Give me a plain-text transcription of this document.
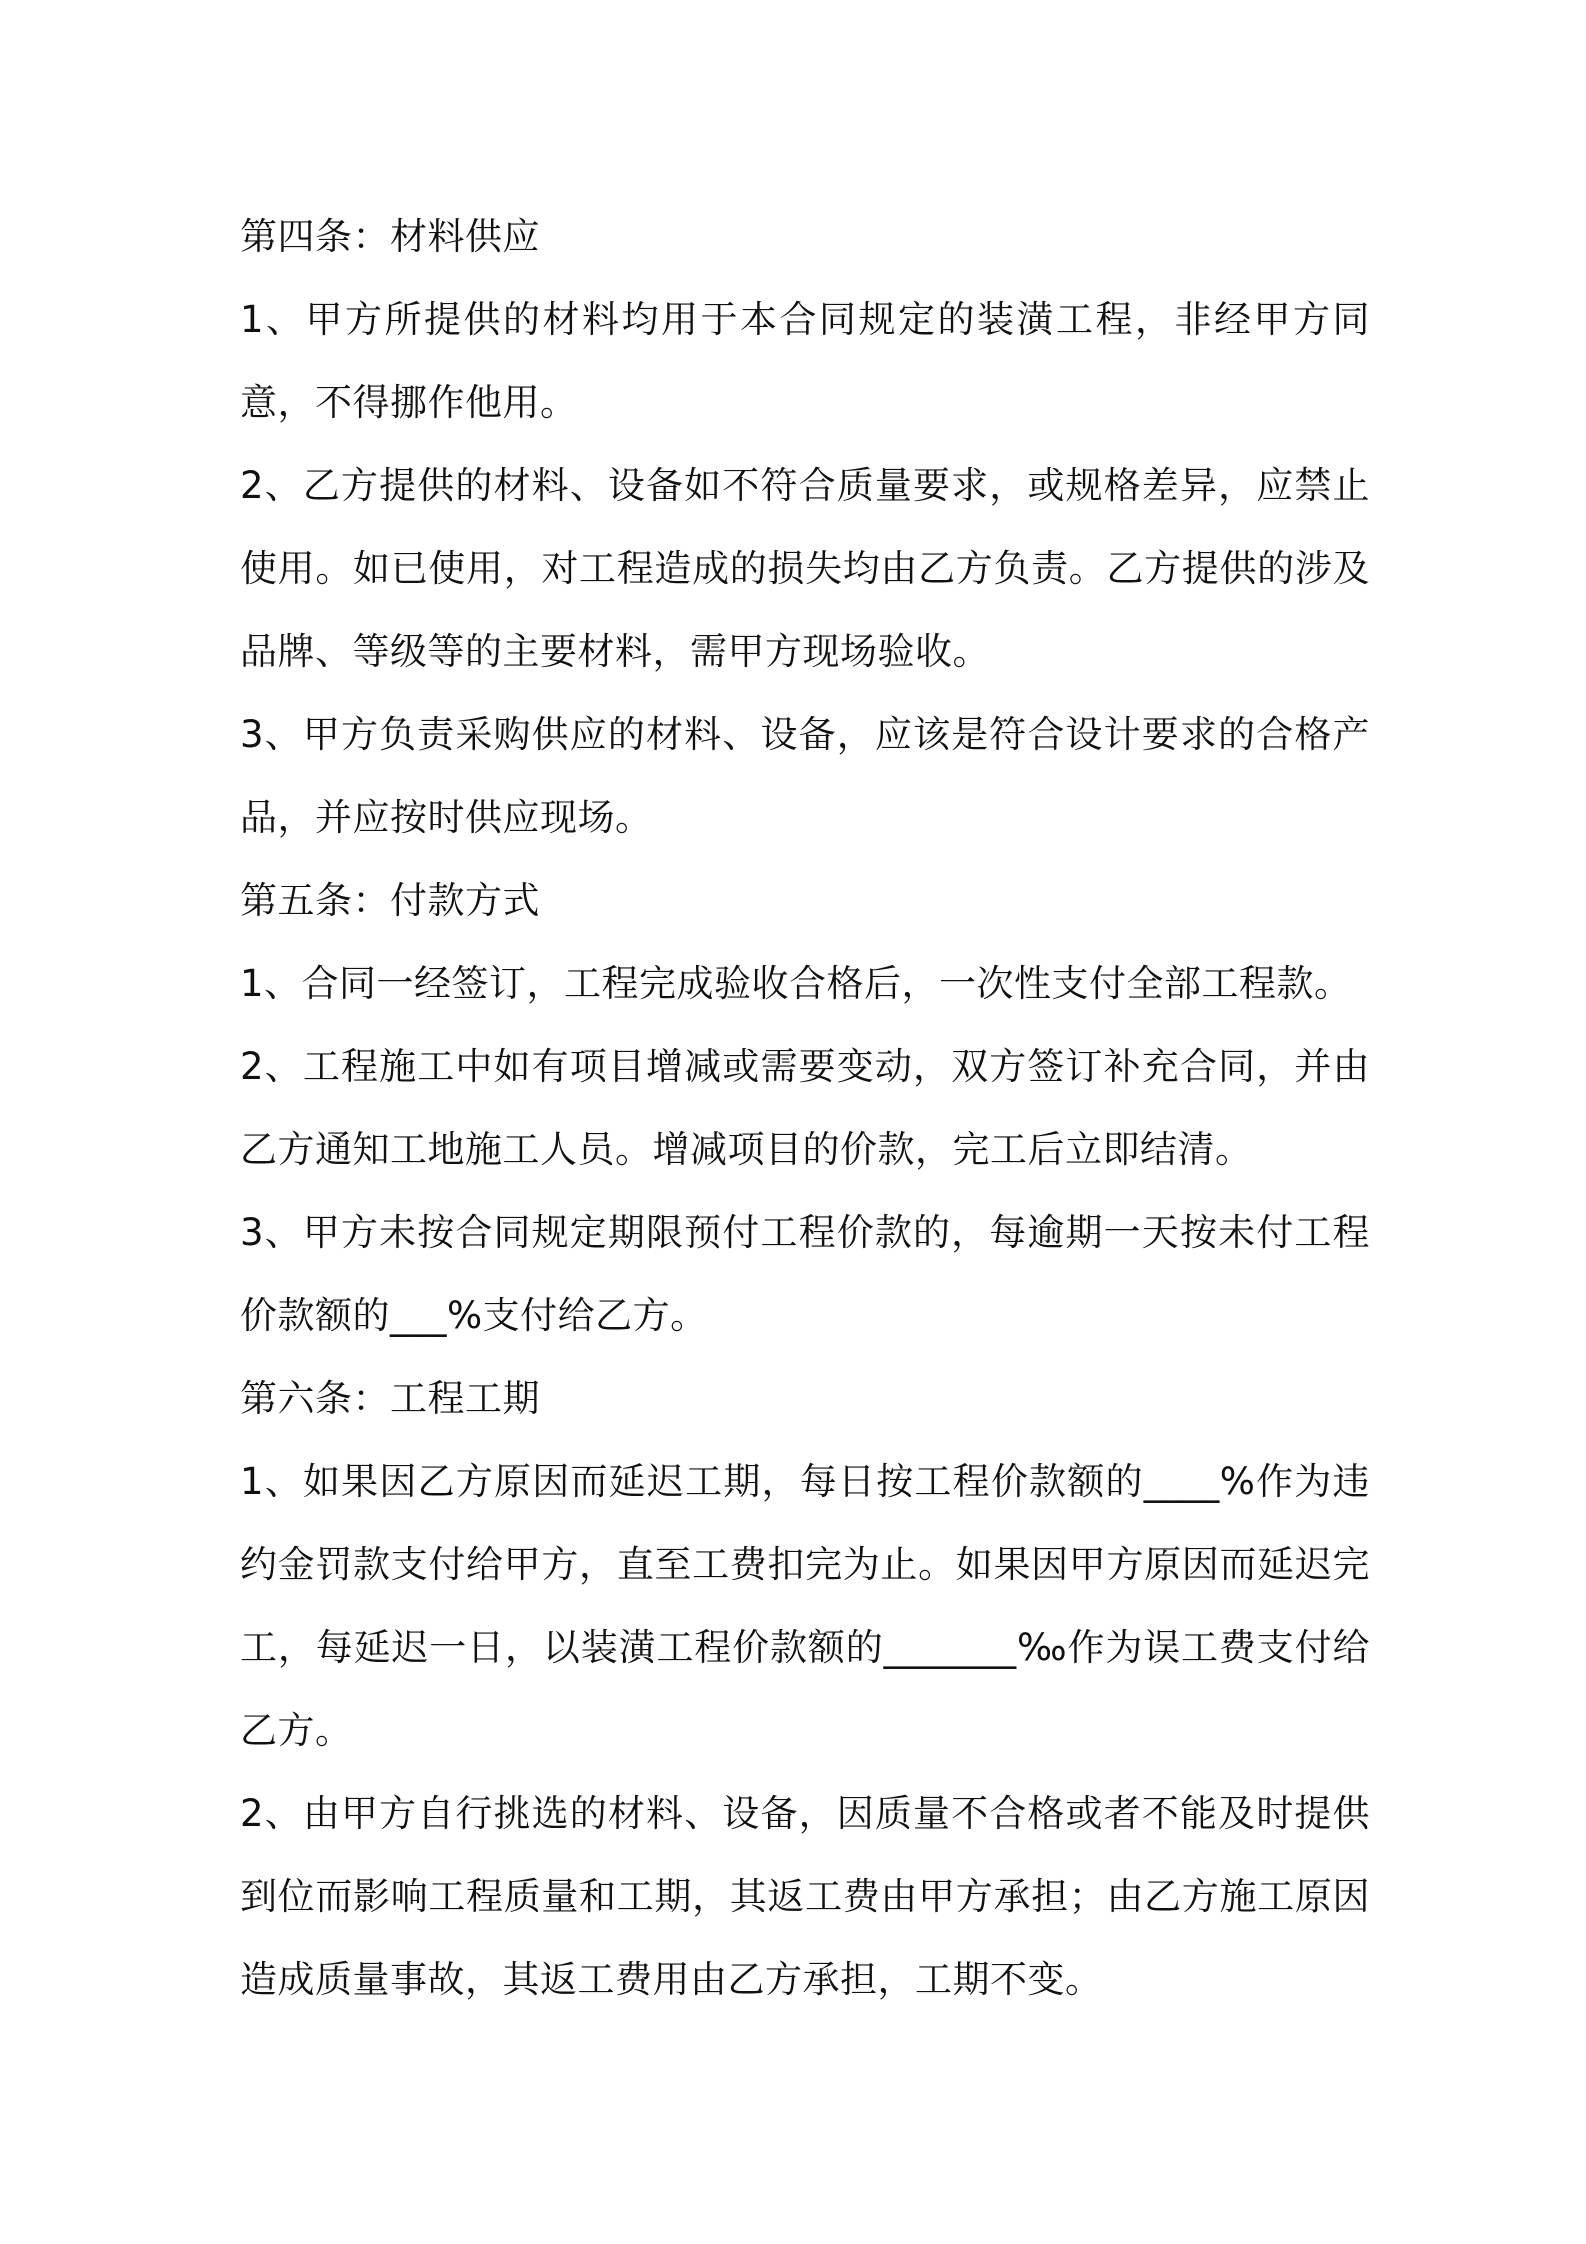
第四条：材料供应

1、甲方所提供的材料均用于本合同规定的装潢工程，非经甲方同意，不得挪作他用。

2、乙方提供的材料、设备如不符合质量要求，或规格差异，应禁止使用。如已使用，对工程造成的损失均由乙方负责。乙方提供的涉及品牌、等级等的主要材料，需甲方现场验收。

3、甲方负责采购供应的材料、设备，应该是符合设计要求的合格产品，并应按时供应现场。

第五条：付款方式

1、合同一经签订，工程完成验收合格后，一次性支付全部工程款。

2、工程施工中如有项目增减或需要变动，双方签订补充合同，并由乙方通知工地施工人员。增减项目的价款，完工后立即结清。

3、甲方未按合同规定期限预付工程价款的，每逾期一天按未付工程价款额的___%支付给乙方。

第六条：工程工期

1、如果因乙方原因而延迟工期，每日按工程价款额的____%作为违约金罚款支付给甲方，直至工费扣完为止。如果因甲方原因而延迟完工，每延迟一日，以装潢工程价款额的_______‰作为误工费支付给乙方。

2、由甲方自行挑选的材料、设备，因质量不合格或者不能及时提供到位而影响工程质量和工期，其返工费由甲方承担；由乙方施工原因造成质量事故，其返工费用由乙方承担，工期不变。
